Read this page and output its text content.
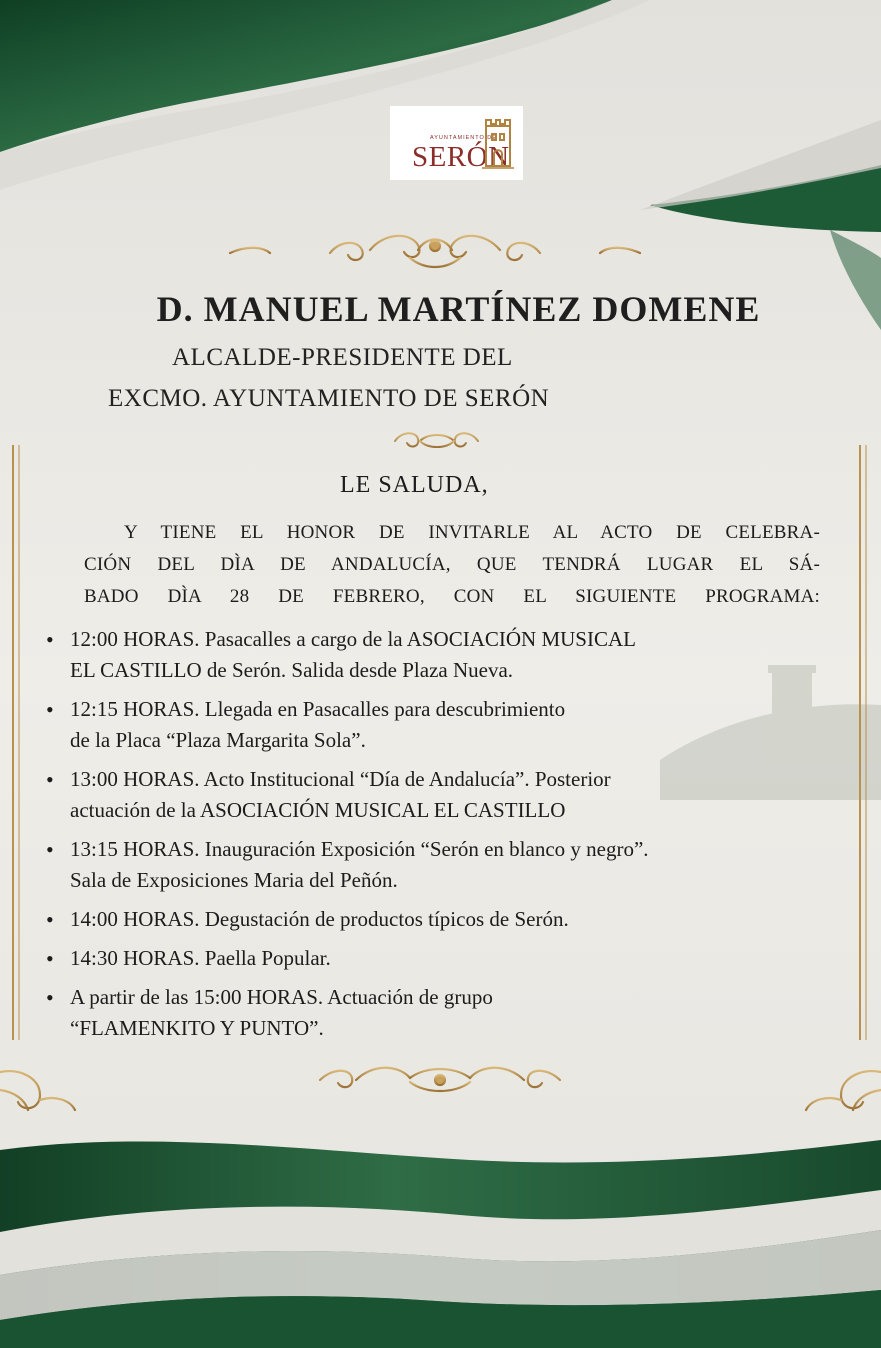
AYUNTAMIENTO DE
SERÓN
D. MANUEL MARTÍNEZ DOMENE
ALCALDE-PRESIDENTE DEL
EXCMO. AYUNTAMIENTO DE SERÓN
LE SALUDA,
Y TIENE EL HONOR DE INVITARLE AL ACTO DE CELEBRA-
CIÓN DEL DÌA DE ANDALUCÍA, QUE TENDRÁ LUGAR EL SÁ-
BADO DÌA 28 DE FEBRERO, CON EL SIGUIENTE PROGRAMA:
• 12:00 HORAS. Pasacalles a cargo de la ASOCIACIÓN MUSICAL
EL CASTILLO de Serón. Salida desde Plaza Nueva.
• 12:15 HORAS. Llegada en Pasacalles para descubrimiento
de la Placa “Plaza Margarita Sola”.
• 13:00 HORAS. Acto Institucional “Día de Andalucía”. Posterior
actuación de la ASOCIACIÓN MUSICAL EL CASTILLO
• 13:15 HORAS. Inauguración Exposición “Serón en blanco y negro”.
Sala de Exposiciones Maria del Peñón.
• 14:00 HORAS. Degustación de productos típicos de Serón.
• 14:30 HORAS. Paella Popular.
• A partir de las 15:00 HORAS. Actuación de grupo
“FLAMENKITO Y PUNTO”.
